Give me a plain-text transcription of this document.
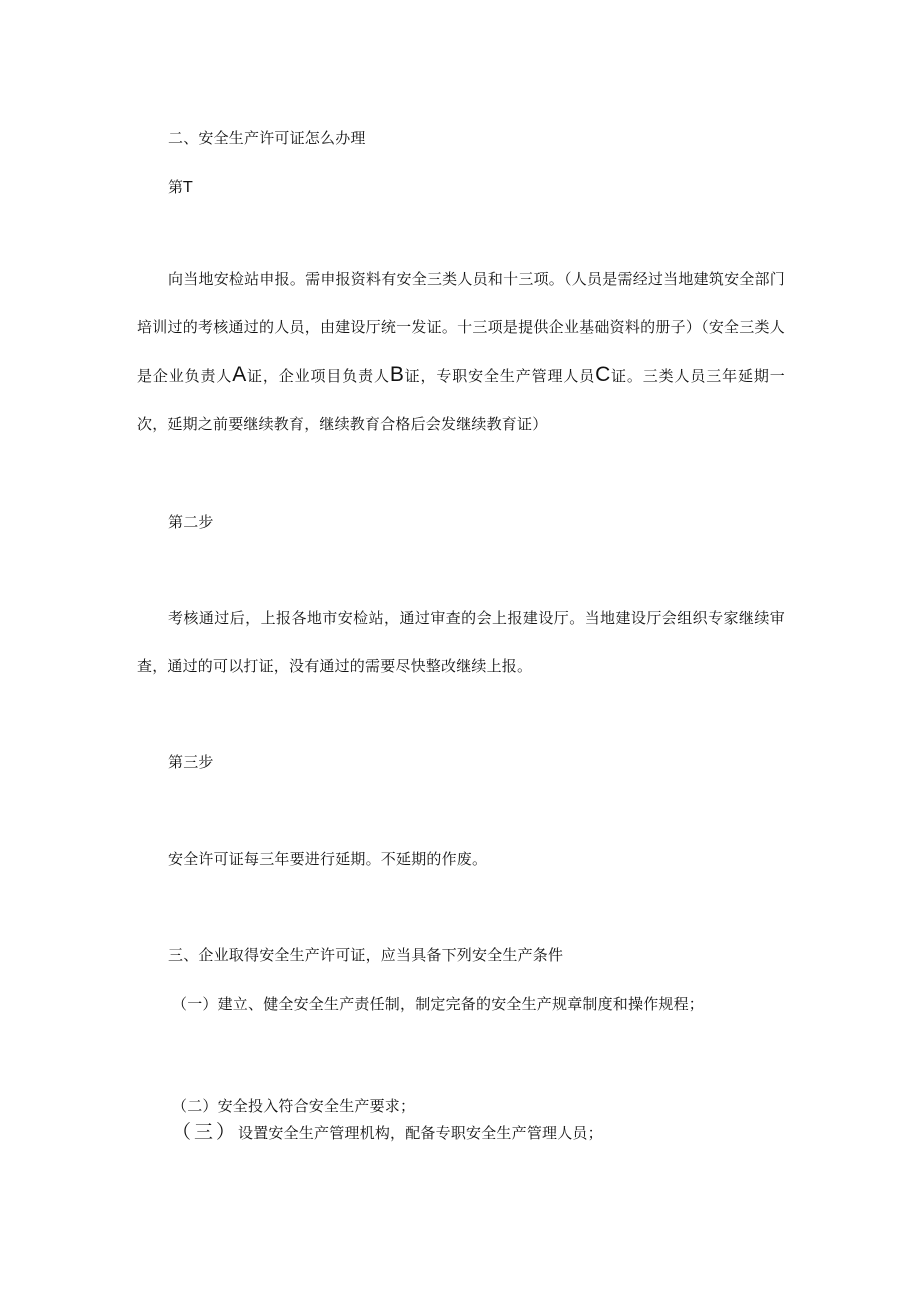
二、安全生产许可证怎么办理
第T
向当地安检站申报。需申报资料有安全三类人员和十三项。（人员是需经过当地建筑安全部门培训过的考核通过的人员，由建设厅统一发证。十三项是提供企业基础资料的册子）（安全三类人是企业负责人A证，企业项目负责人B证，专职安全生产管理人员C证。三类人员三年延期一次，延期之前要继续教育，继续教育合格后会发继续教育证）
第二步
考核通过后，上报各地市安检站，通过审查的会上报建设厅。当地建设厅会组织专家继续审查，通过的可以打证，没有通过的需要尽快整改继续上报。
第三步
安全许可证每三年要进行延期。不延期的作废。
三、企业取得安全生产许可证，应当具备下列安全生产条件
（一）建立、健全安全生产责任制，制定完备的安全生产规章制度和操作规程；
（二）安全投入符合安全生产要求；
（三）设置安全生产管理机构，配备专职安全生产管理人员；
